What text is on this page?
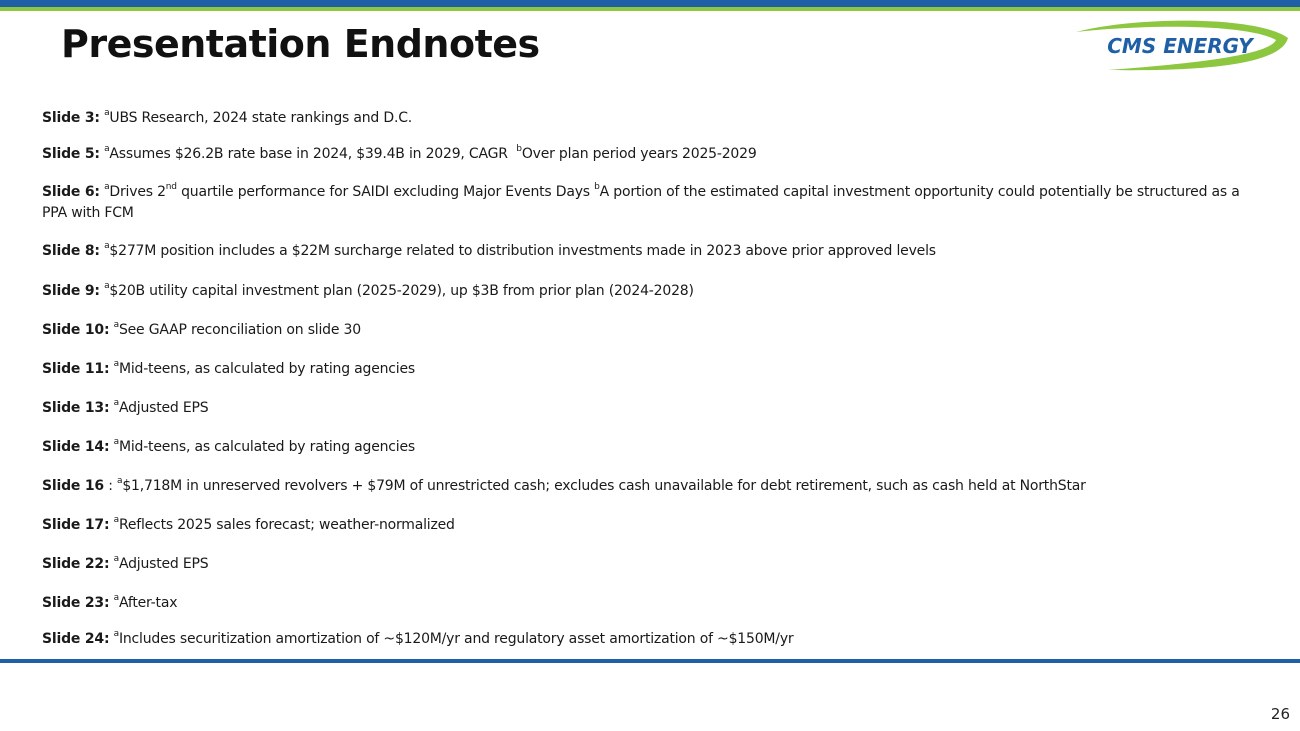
Presentation Endnotes	CMS ENERGY
Slide 3: $^a$UBS Research, 2024 state rankings and D.C.
Slide 5: $^a$Assumes $26.2B rate base in 2024, $39.4B in 2029, CAGR  $^b$Over plan period years 2025-2029
Slide 6: $^a$Drives 2nd quartile performance for SAIDI excluding Major Events Days $^b$A portion of the estimated capital investment opportunity could potentially be structured as a PPA with FCM
Slide 8: $^a$\$277M position includes a $22M surcharge related to distribution investments made in 2023 above prior approved levels
Slide 9: $^a$\$20B utility capital investment plan (2025-2029), up $3B from prior plan (2024-2028)
Slide 10: $^a$See GAAP reconciliation on slide 30
Slide 11: $^a$Mid-teens, as calculated by rating agencies
Slide 13: $^a$Adjusted EPS
Slide 14: $^a$Mid-teens, as calculated by rating agencies
Slide 16 : $^a$\$1,718M in unreserved revolvers + $79M of unrestricted cash; excludes cash unavailable for debt retirement, such as cash held at NorthStar
Slide 17: $^a$Reflects 2025 sales forecast; weather-normalized
Slide 22: $^a$Adjusted EPS
Slide 23: $^a$After-tax
Slide 24: $^a$Includes securitization amortization of ~$120M/yr and regulatory asset amortization of ~$150M/yr
26
